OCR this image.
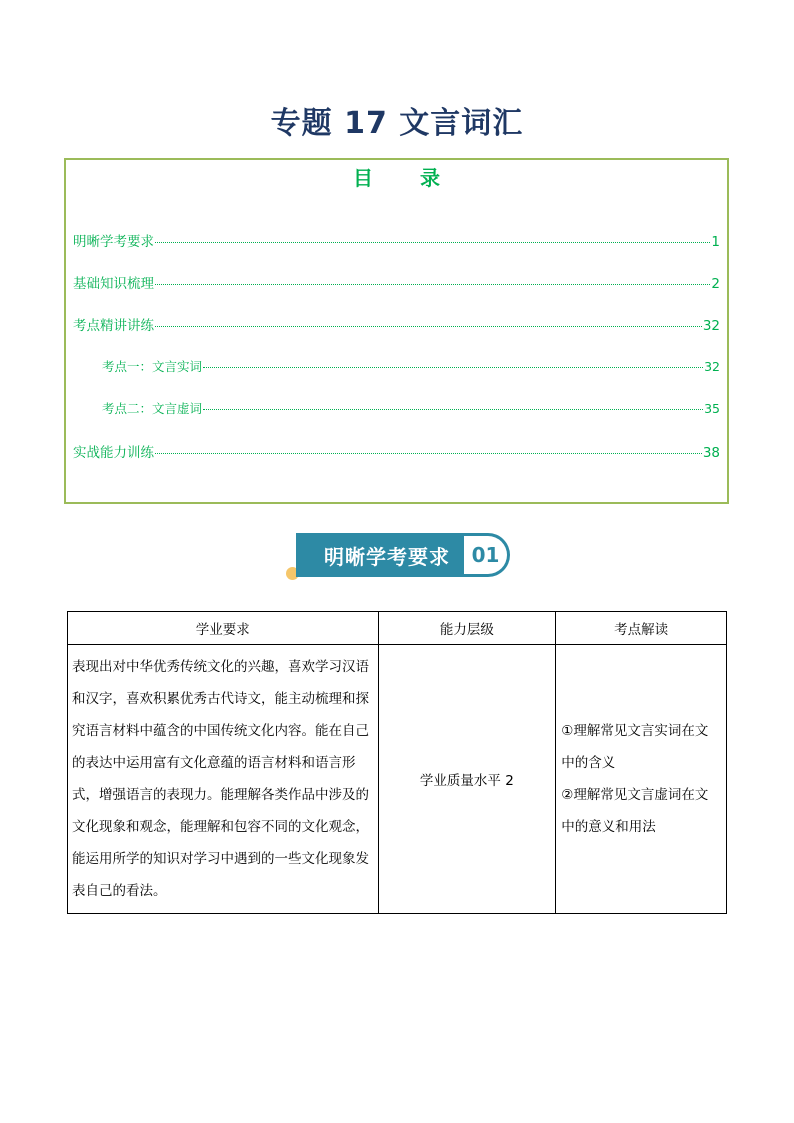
专题 17 文言词汇
目 录
明晰学考要求	1
基础知识梳理	2
考点精讲讲练	32
考点一：文言实词	32
考点二：文言虚词	35
实战能力训练	38
明晰学考要求	01
学业要求	能力层级	考点解读
表现出对中华优秀传统文化的兴趣，喜欢学习汉语和汉字，喜欢积累优秀古代诗文，能主动梳理和探究语言材料中蕴含的中国传统文化内容。能在自己的表达中运用富有文化意蕴的语言材料和语言形式，增强语言的表现力。能理解各类作品中涉及的文化现象和观念，能理解和包容不同的文化观念，能运用所学的知识对学习中遇到的一些文化现象发表自己的看法。	学业质量水平 2	①理解常见文言实词在文中的含义
②理解常见文言虚词在文中的意义和用法
